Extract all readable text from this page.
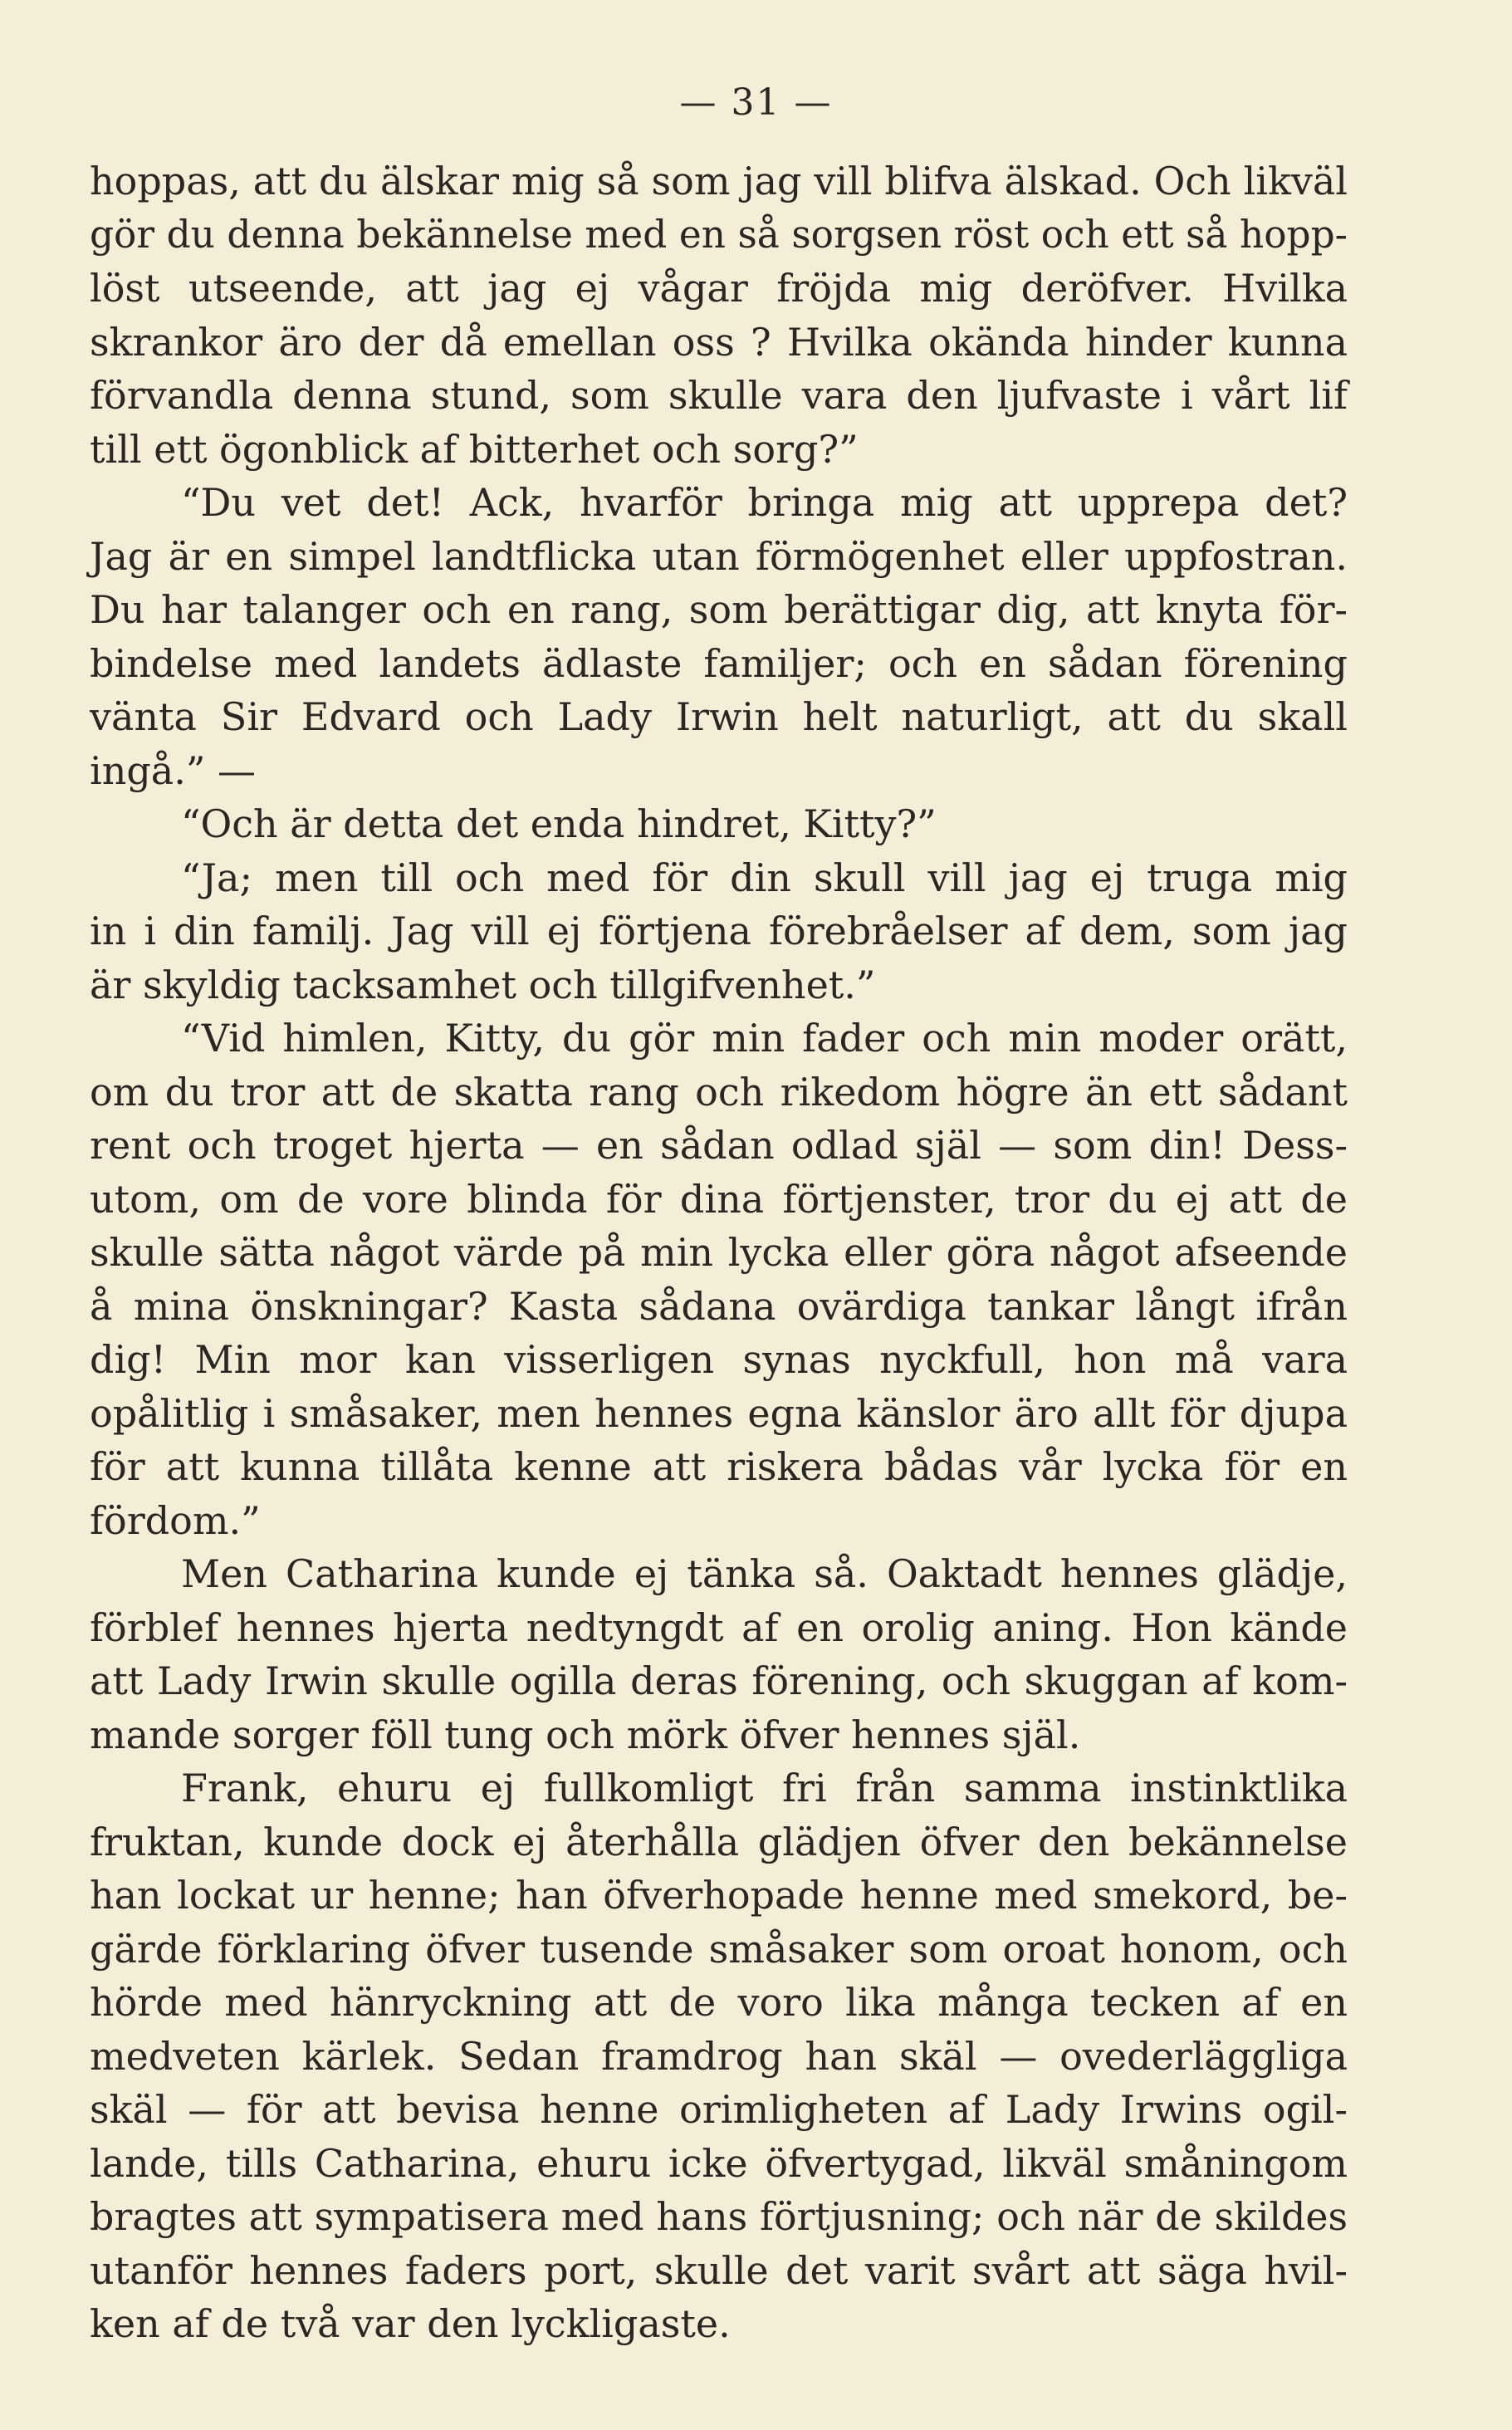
— 31 —
hoppas, att du älskar mig så som jag vill blifva älskad. Och likväl
gör du denna bekännelse med en så sorgsen röst och ett så hopp-
löst utseende, att jag ej vågar fröjda mig deröfver. Hvilka
skrankor äro der då emellan oss ? Hvilka okända hinder kunna
förvandla denna stund, som skulle vara den ljufvaste i vårt lif
till ett ögonblick af bitterhet och sorg?”
“Du vet det! Ack, hvarför bringa mig att upprepa det?
Jag är en simpel landtflicka utan förmögenhet eller uppfostran.
Du har talanger och en rang, som berättigar dig, att knyta för-
bindelse med landets ädlaste familjer; och en sådan förening
vänta Sir Edvard och Lady Irwin helt naturligt, att du skall
ingå.” —
“Och är detta det enda hindret, Kitty?”
“Ja; men till och med för din skull vill jag ej truga mig
in i din familj. Jag vill ej förtjena förebråelser af dem, som jag
är skyldig tacksamhet och tillgifvenhet.”
“Vid himlen, Kitty, du gör min fader och min moder orätt,
om du tror att de skatta rang och rikedom högre än ett sådant
rent och troget hjerta — en sådan odlad själ — som din! Dess-
utom, om de vore blinda för dina förtjenster, tror du ej att de
skulle sätta något värde på min lycka eller göra något afseende
å mina önskningar? Kasta sådana ovärdiga tankar långt ifrån
dig! Min mor kan visserligen synas nyckfull, hon må vara
opålitlig i småsaker, men hennes egna känslor äro allt för djupa
för att kunna tillåta kenne att riskera bådas vår lycka för en
fördom.”
Men Catharina kunde ej tänka så. Oaktadt hennes glädje,
förblef hennes hjerta nedtyngdt af en orolig aning. Hon kände
att Lady Irwin skulle ogilla deras förening, och skuggan af kom-
mande sorger föll tung och mörk öfver hennes själ.
Frank, ehuru ej fullkomligt fri från samma instinktlika
fruktan, kunde dock ej återhålla glädjen öfver den bekännelse
han lockat ur henne; han öfverhopade henne med smekord, be-
gärde förklaring öfver tusende småsaker som oroat honom, och
hörde med hänryckning att de voro lika många tecken af en
medveten kärlek. Sedan framdrog han skäl — ovederläggliga
skäl — för att bevisa henne orimligheten af Lady Irwins ogil-
lande, tills Catharina, ehuru icke öfvertygad, likväl småningom
bragtes att sympatisera med hans förtjusning; och när de skildes
utanför hennes faders port, skulle det varit svårt att säga hvil-
ken af de två var den lyckligaste.
